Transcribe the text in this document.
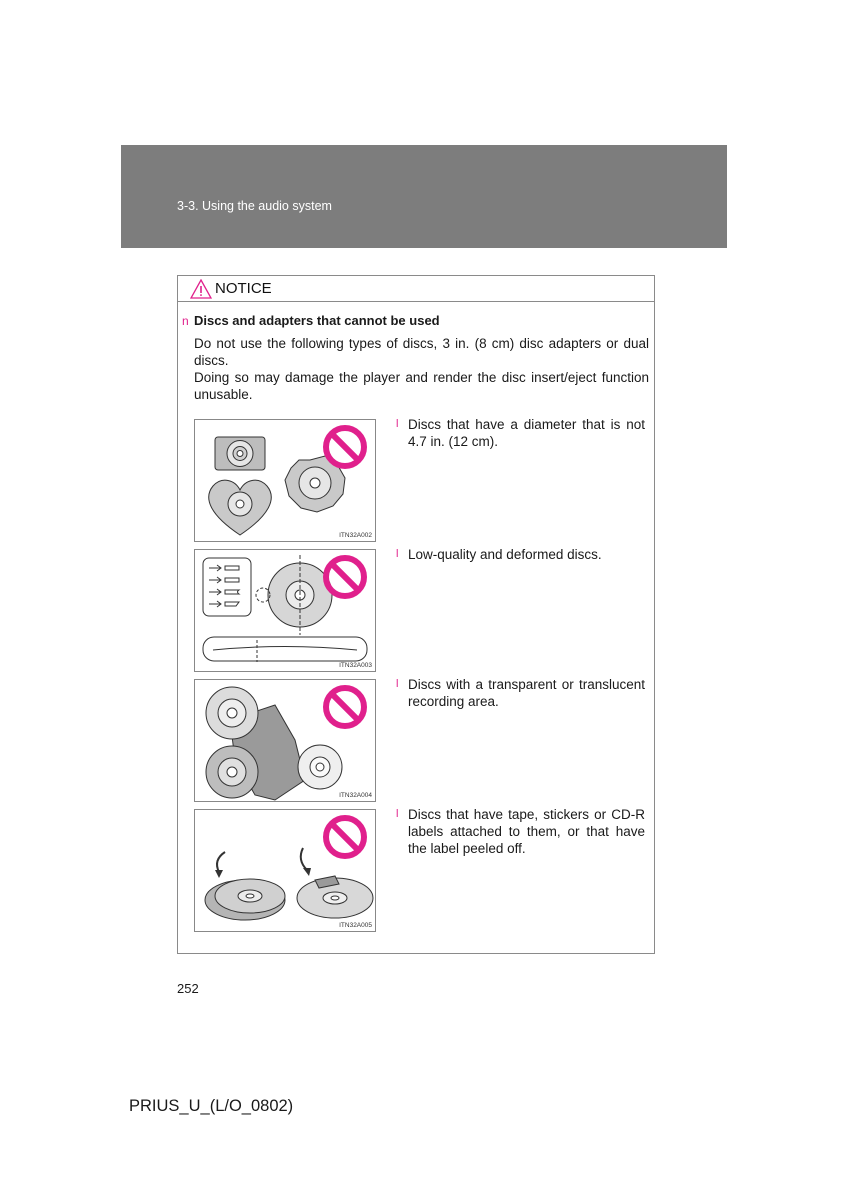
3-3. Using the audio system
NOTICE
n Discs and adapters that cannot be used
Do not use the following types of discs, 3 in. (8 cm) disc adapters or dual discs.
Doing so may damage the player and render the disc insert/eject function unusable.
ITN32A002
ITN32A003
ITN32A004
ITN32A005
l Discs that have a diameter that is not 4.7 in. (12 cm).
l Low-quality and deformed discs.
l Discs with a transparent or translucent recording area.
l Discs that have tape, stickers or CD-R labels attached to them, or that have the label peeled off.
252
PRIUS_U_(L/O_0802)
